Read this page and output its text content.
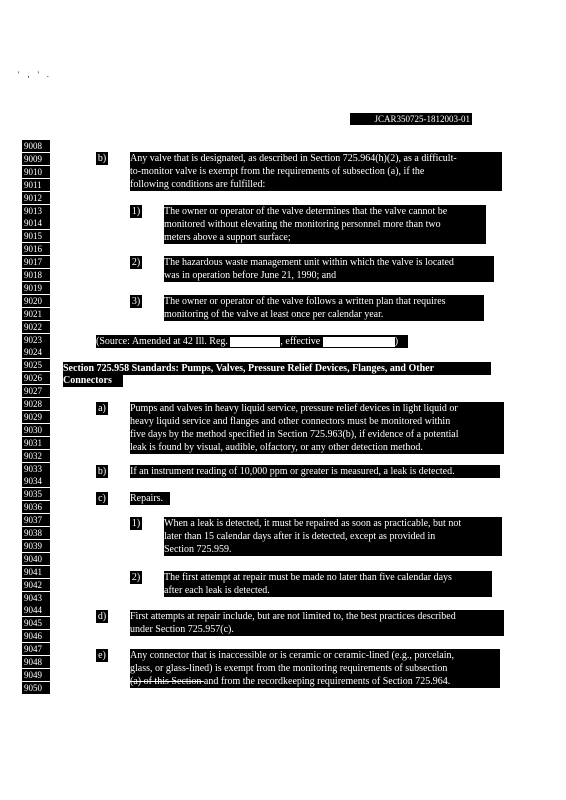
' , ' .
JCAR350725-1812003-01
9008
9009
9010
9011
9012
9013
9014
9015
9016
9017
9018
9019
9020
9021
9022
9023
9024
9025
9026
9027
9028
9029
9030
9031
9032
9033
9034
9035
9036
9037
9038
9039
9040
9041
9042
9043
9044
9045
9046
9047
9048
9049
9050
b) Any valve that is designated, as described in Section 725.964(h)(2), as a difficult-

to-monitor valve is exempt from the requirements of subsection (a), if the

following conditions are fulfilled:

1) The owner or operator of the valve determines that the valve cannot be

monitored without elevating the monitoring personnel more than two

meters above a support surface;

2) The hazardous waste management unit within which the valve is located

was in operation before June 21, 1990; and

3) The owner or operator of the valve follows a written plan that requires

monitoring of the valve at least once per calendar year.

(Source: Amended at 42 Ill. Reg.	, effective	)

Section 725.958 Standards: Pumps, Valves, Pressure Relief Devices, Flanges, and Other

Connectors

a) Pumps and valves in heavy liquid service, pressure relief devices in light liquid or

heavy liquid service and flanges and other connectors must be monitored within

five days by the method specified in Section 725.963(b), if evidence of a potential

leak is found by visual, audible, olfactory, or any other detection method.

b) If an instrument reading of 10,000 ppm or greater is measured, a leak is detected.

c) Repairs.

1) When a leak is detected, it must be repaired as soon as practicable, but not

later than 15 calendar days after it is detected, except as provided in

Section 725.959.

2) The first attempt at repair must be made no later than five calendar days

after each leak is detected.

d) First attempts at repair include, but are not limited to, the best practices described

under Section 725.957(c).

e) Any connector that is inaccessible or is ceramic or ceramic-lined (e.g., porcelain,

glass, or glass-lined) is exempt from the monitoring requirements of subsection

(a) of this Section and from the recordkeeping requirements of Section 725.964.
